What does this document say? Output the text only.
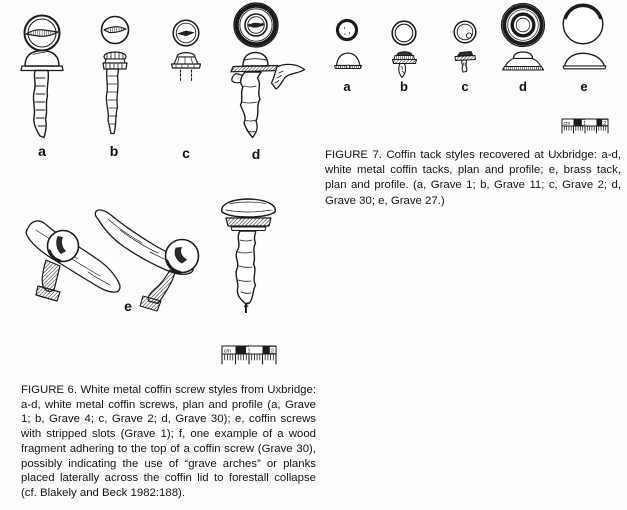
cm	1	2
cm	1	2
a	b	c	d
e	f
a	b	c	d	e
FIGURE 7. Coffin tack styles recovered at Uxbridge: a-d,
white metal coffin tacks, plan and profile; e, brass tack,
plan and profile. (a, Grave 1; b, Grave 11; c, Grave 2; d,
Grave 30; e, Grave 27.)
FIGURE 6. White metal coffin screw styles from Uxbridge:
a-d, white metal coffin screws, plan and profile (a, Grave
1; b, Grave 4; c, Grave 2; d, Grave 30); e, coffin screws
with stripped slots (Grave 1); f, one example of a wood
fragment adhering to the top of a coffin screw (Grave 30),
possibly indicating the use of “grave arches” or planks
placed laterally across the coffin lid to forestall collapse
(cf. Blakely and Beck 1982:188).
